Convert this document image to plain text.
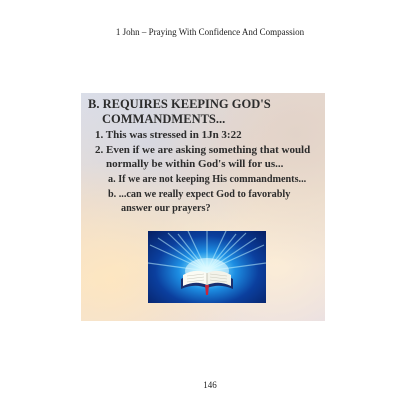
1 John – Praying With Confidence And Compassion
B. REQUIRES KEEPING GOD'S
COMMANDMENTS...
1. This was stressed in 1Jn 3:22
2. Even if we are asking something that would
normally be within God's will for us...
a. If we are not keeping His commandments...
b. ...can we really expect God to favorably
answer our prayers?
146
